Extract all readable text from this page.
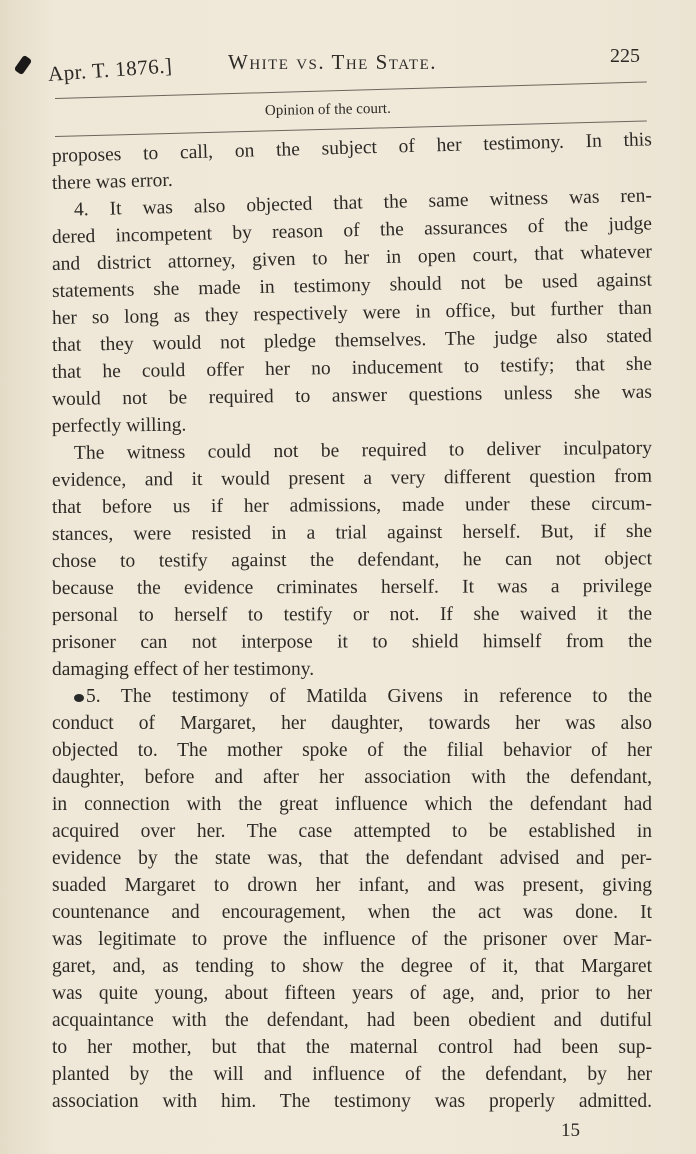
Apr. T. 1876.]	White vs. The State.	225
Opinion of the court.
proposes to call, on the subject of her testimony. In this
there was error.
4. It was also objected that the same witness was ren-
dered incompetent by reason of the assurances of the judge
and district attorney, given to her in open court, that whatever
statements she made in testimony should not be used against
her so long as they respectively were in office, but further than
that they would not pledge themselves. The judge also stated
that he could offer her no inducement to testify; that she
would not be required to answer questions unless she was
perfectly willing.
The witness could not be required to deliver inculpatory
evidence, and it would present a very different question from
that before us if her admissions, made under these circum-
stances, were resisted in a trial against herself. But, if she
chose to testify against the defendant, he can not object
because the evidence criminates herself. It was a privilege
personal to herself to testify or not. If she waived it the
prisoner can not interpose it to shield himself from the
damaging effect of her testimony.
5. The testimony of Matilda Givens in reference to the
conduct of Margaret, her daughter, towards her was also
objected to. The mother spoke of the filial behavior of her
daughter, before and after her association with the defendant,
in connection with the great influence which the defendant had
acquired over her. The case attempted to be established in
evidence by the state was, that the defendant advised and per-
suaded Margaret to drown her infant, and was present, giving
countenance and encouragement, when the act was done. It
was legitimate to prove the influence of the prisoner over Mar-
garet, and, as tending to show the degree of it, that Margaret
was quite young, about fifteen years of age, and, prior to her
acquaintance with the defendant, had been obedient and dutiful
to her mother, but that the maternal control had been sup-
planted by the will and influence of the defendant, by her
association with him. The testimony was properly admitted.
15
